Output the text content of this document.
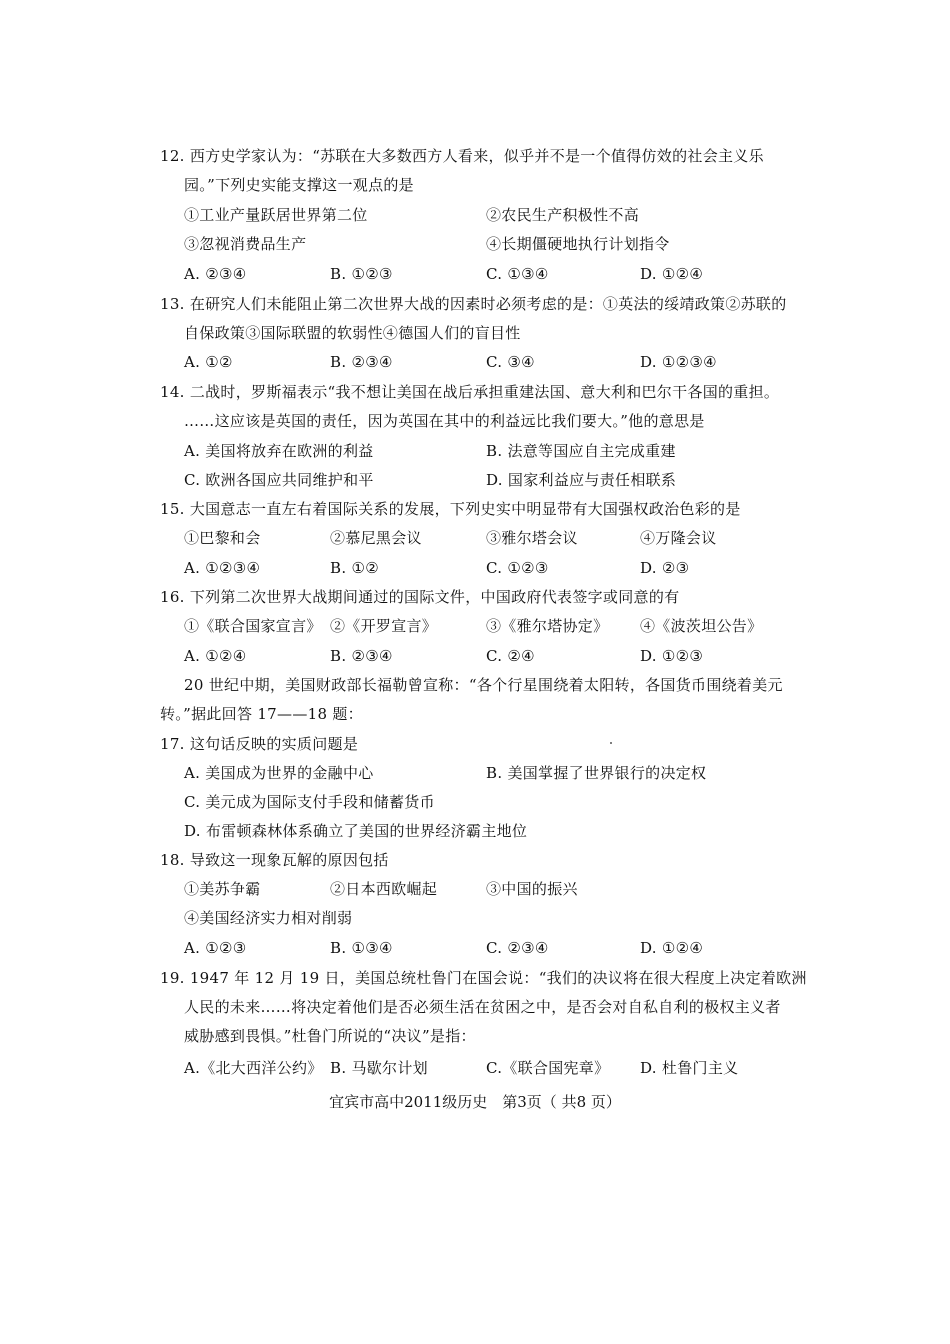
12. 西方史学家认为：“苏联在大多数西方人看来，似乎并不是一个值得仿效的社会主义乐
园。”下列史实能支撑这一观点的是
①工业产量跃居世界第二位	②农民生产积极性不高
③忽视消费品生产	④长期僵硬地执行计划指令
A. ②③④	B. ①②③	C. ①③④	D. ①②④
13. 在研究人们未能阻止第二次世界大战的因素时必须考虑的是：①英法的绥靖政策②苏联的
自保政策③国际联盟的软弱性④德国人们的盲目性
A. ①②	B. ②③④	C. ③④	D. ①②③④
14. 二战时，罗斯福表示“我不想让美国在战后承担重建法国、意大利和巴尔干各国的重担。
……这应该是英国的责任，因为英国在其中的利益远比我们要大。”他的意思是
A. 美国将放弃在欧洲的利益	B. 法意等国应自主完成重建
C. 欧洲各国应共同维护和平	D. 国家利益应与责任相联系
15. 大国意志一直左右着国际关系的发展，下列史实中明显带有大国强权政治色彩的是
①巴黎和会	②慕尼黑会议	③雅尔塔会议	④万隆会议
A. ①②③④	B. ①②	C. ①②③	D. ②③
16. 下列第二次世界大战期间通过的国际文件，中国政府代表签字或同意的有
①《联合国家宣言》 ②《开罗宣言》	③《雅尔塔协定》 ④《波茨坦公告》
A. ①②④	B. ②③④	C. ②④	D. ①②③
20 世纪中期，美国财政部长福勒曾宣称：“各个行星围绕着太阳转，各国货币围绕着美元
转。”据此回答 17——18 题：
17. 这句话反映的实质问题是
A. 美国成为世界的金融中心	B. 美国掌握了世界银行的决定权
C. 美元成为国际支付手段和储蓄货币
D. 布雷顿森林体系确立了美国的世界经济霸主地位
18. 导致这一现象瓦解的原因包括
①美苏争霸	②日本西欧崛起	③中国的振兴
④美国经济实力相对削弱
A. ①②③	B. ①③④	C. ②③④	D. ①②④
19. 1947 年 12 月 19 日，美国总统杜鲁门在国会说：“我们的决议将在很大程度上决定着欧洲
人民的未来……将决定着他们是否必须生活在贫困之中，是否会对自私自利的极权主义者
威胁感到畏惧。”杜鲁门所说的“决议”是指：
A.《北大西洋公约》 B. 马歇尔计划	C.《联合国宪章》 D. 杜鲁门主义
宜宾市高中2011级历史　第3页（ 共8 页）
